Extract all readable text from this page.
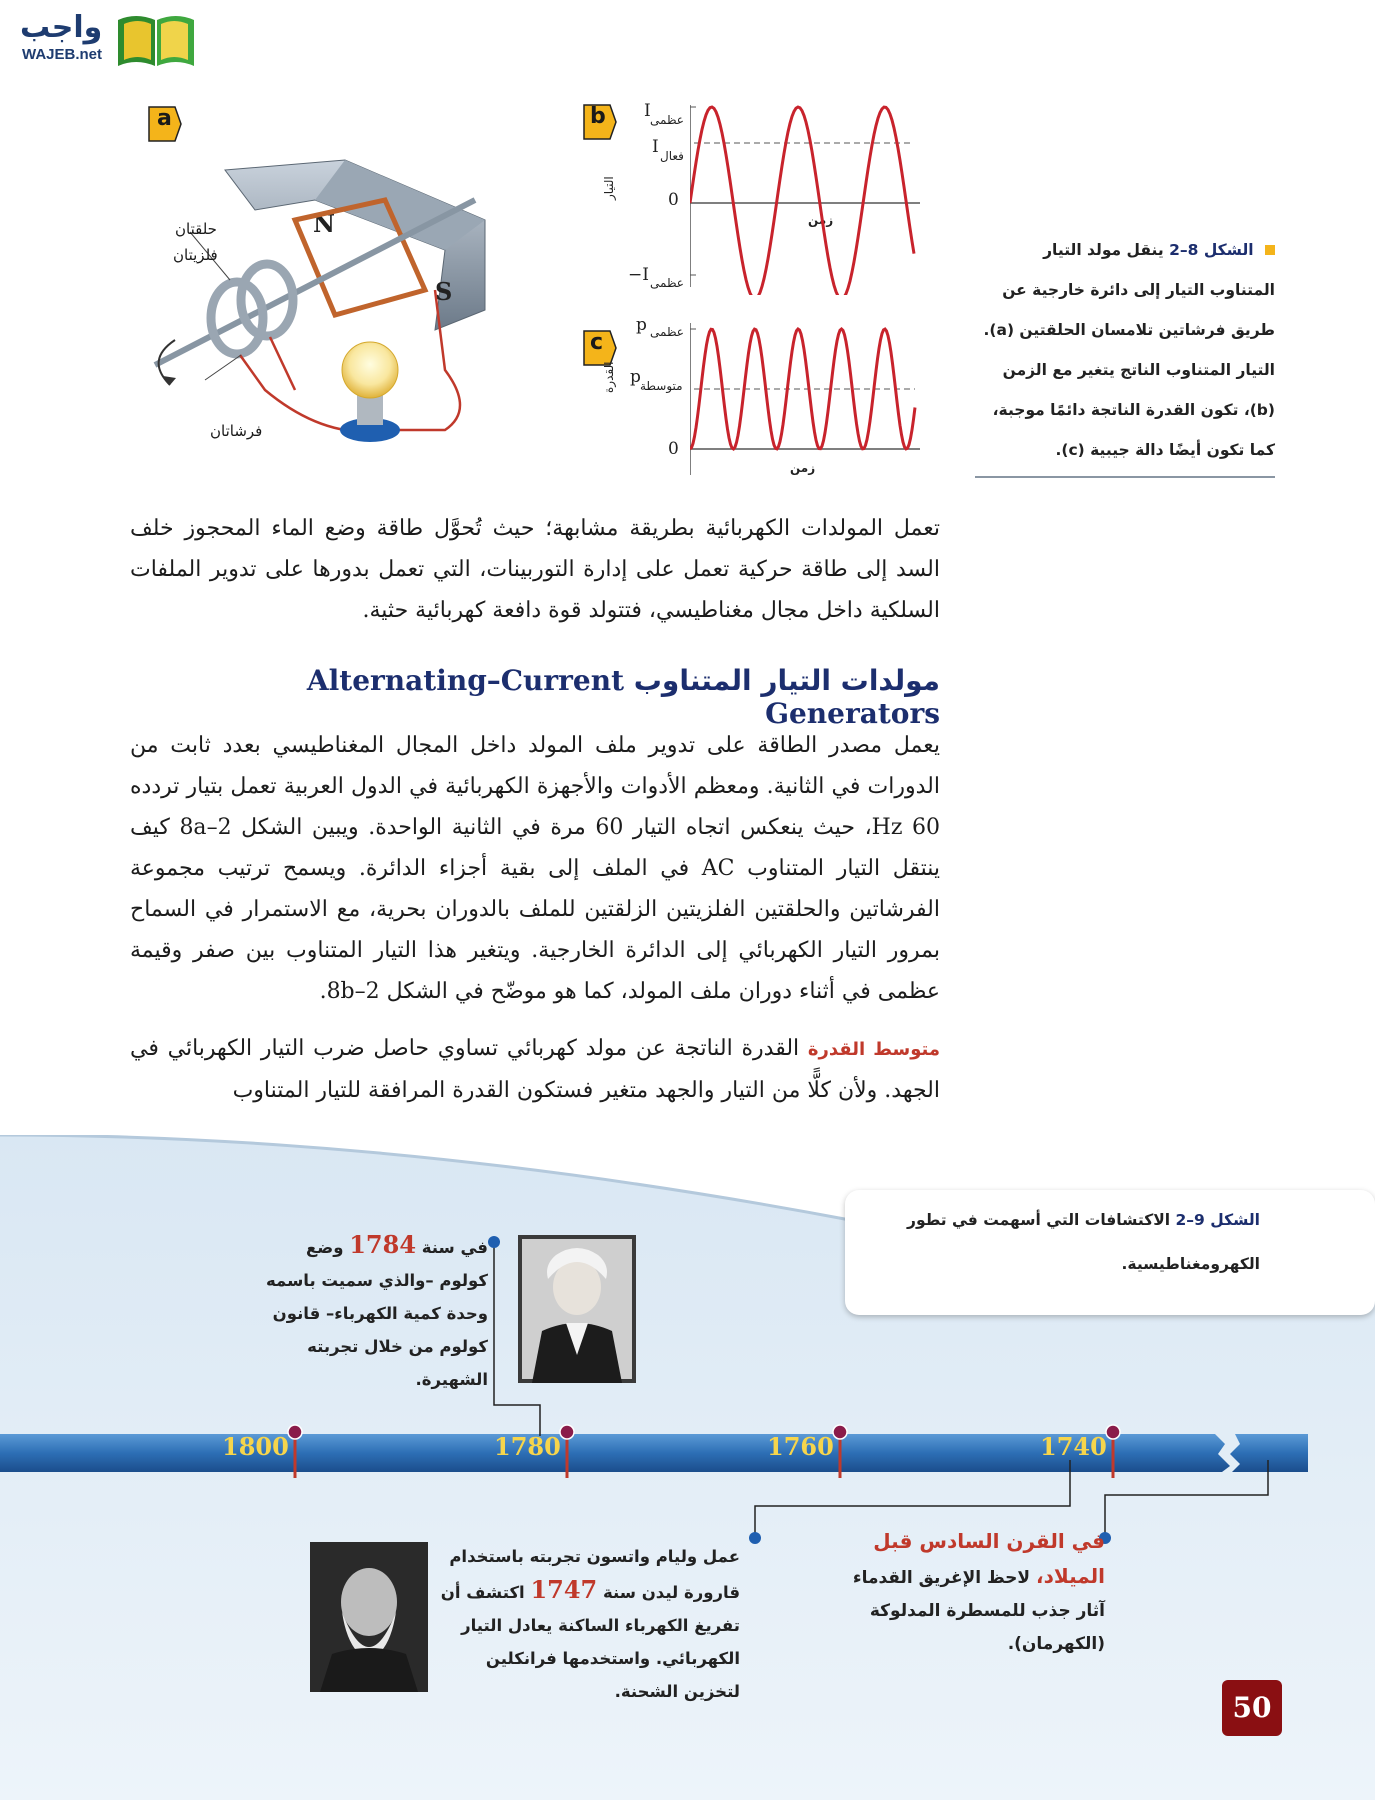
واجب
WAJEB.net
a
N
S
حلقتان
فلزيتان
فرشاتان
b I عظمى
I فعال
0
−I عظمى
التيار
زمن
c
p عظمى
p متوسطة
0
القدرة
زمن
الشكل 8–2 ينقل مولد التيار المتناوب التيار إلى دائرة خارجية عن طريق فرشاتين تلامسان الحلقتين (a). التيار المتناوب الناتج يتغير مع الزمن (b)، تكون القدرة الناتجة دائمًا موجبة، كما تكون أيضًا دالة جيبية (c).

تعمل المولدات الكهربائية بطريقة مشابهة؛ حيث تُحوَّل طاقة وضع الماء المحجوز خلف السد إلى طاقة حركية تعمل على إدارة التوربينات، التي تعمل بدورها على تدوير الملفات السلكية داخل مجال مغناطيسي، فتتولد قوة دافعة كهربائية حثية.

مولدات التيار المتناوب Alternating–Current Generators

يعمل مصدر الطاقة على تدوير ملف المولد داخل المجال المغناطيسي بعدد ثابت من الدورات في الثانية. ومعظم الأدوات والأجهزة الكهربائية في الدول العربية تعمل بتيار تردده 60 Hz، حيث ينعكس اتجاه التيار 60 مرة في الثانية الواحدة. ويبين الشكل 2–8a كيف ينتقل التيار المتناوب AC في الملف إلى بقية أجزاء الدائرة. ويسمح ترتيب مجموعة الفرشاتين والحلقتين الفلزيتين الزلقتين للملف بالدوران بحرية، مع الاستمرار في السماح بمرور التيار الكهربائي إلى الدائرة الخارجية. ويتغير هذا التيار المتناوب بين صفر وقيمة عظمى في أثناء دوران ملف المولد، كما هو موضّح في الشكل 2–8b.

متوسط القدرة القدرة الناتجة عن مولد كهربائي تساوي حاصل ضرب التيار الكهربائي في الجهد. ولأن كلًّا من التيار والجهد متغير فستكون القدرة المرافقة للتيار المتناوب

الشكل 9–2 الاكتشافات التي أسهمت في تطور الكهرومغناطيسية.
1800	1780	1760	1740
في سنة 1784 وضع كولوم –والذي سميت باسمه وحدة كمية الكهرباء– قانون كولوم من خلال تجربته الشهيرة.
عمل وليام واتسون تجربته باستخدام قارورة ليدن سنة 1747 اكتشف أن تفريغ الكهرباء الساكنة يعادل التيار الكهربائي. واستخدمها فرانكلين لتخزين الشحنة.
في القرن السادس قبل الميلاد، لاحظ الإغريق القدماء آثار جذب للمسطرة المدلوكة (الكهرمان).
50
